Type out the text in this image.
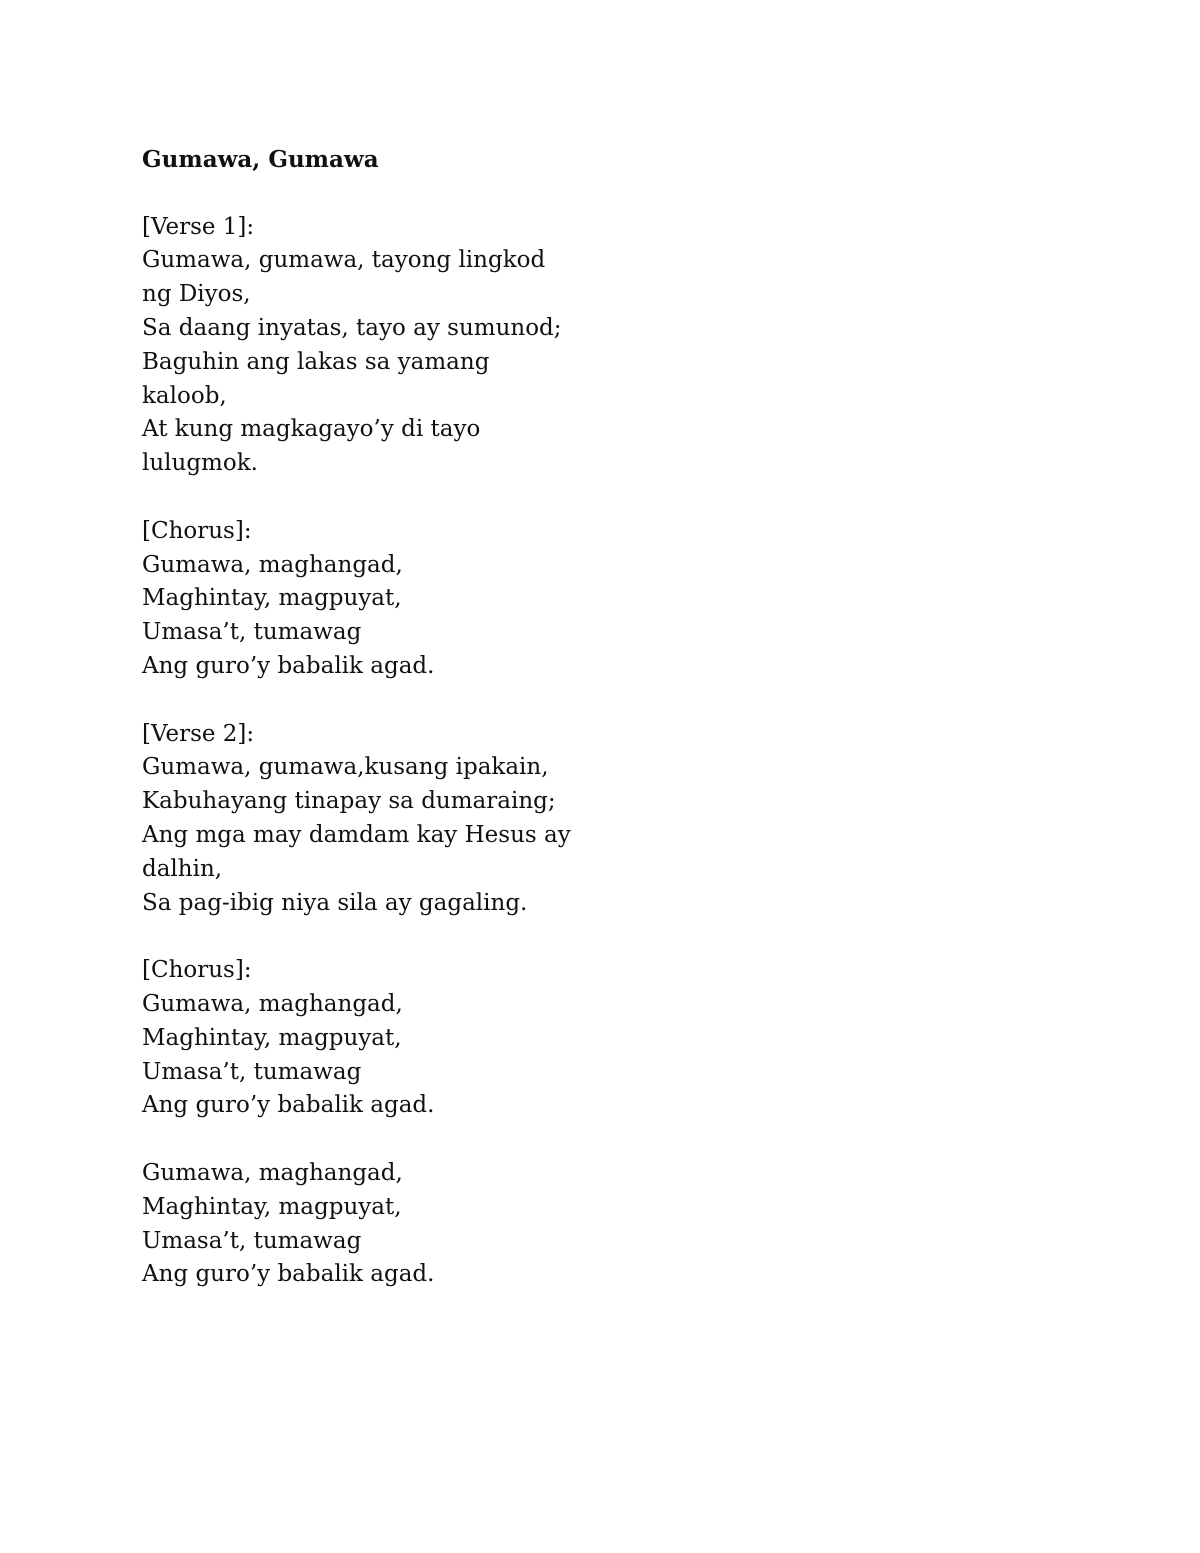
Gumawa, Gumawa
[Verse 1]:
Gumawa, gumawa, tayong lingkod
ng Diyos,
Sa daang inyatas, tayo ay sumunod;
Baguhin ang lakas sa yamang
kaloob,
At kung magkagayo’y di tayo
lulugmok.
[Chorus]:
Gumawa, maghangad,
Maghintay, magpuyat,
Umasa’t, tumawag
Ang guro’y babalik agad.
[Verse 2]:
Gumawa, gumawa,kusang ipakain,
Kabuhayang tinapay sa dumaraing;
Ang mga may damdam kay Hesus ay
dalhin,
Sa pag-ibig niya sila ay gagaling.
[Chorus]:
Gumawa, maghangad,
Maghintay, magpuyat,
Umasa’t, tumawag
Ang guro’y babalik agad.
Gumawa, maghangad,
Maghintay, magpuyat,
Umasa’t, tumawag
Ang guro’y babalik agad.
